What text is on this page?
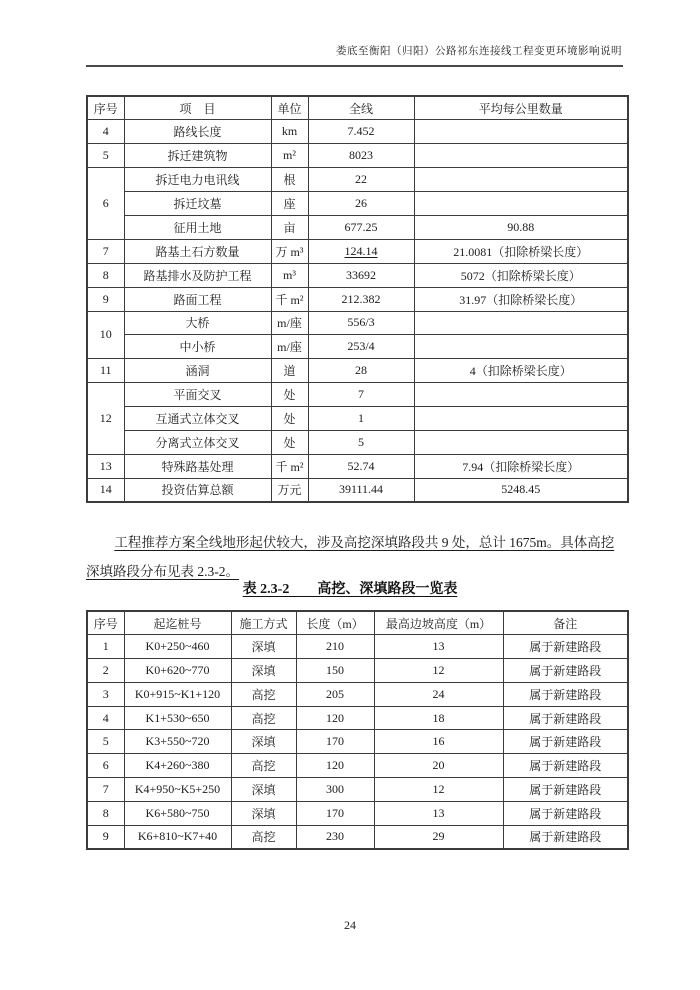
娄底至衡阳（归阳）公路祁东连接线工程变更环境影响说明
序号	项　目	单位	全线	平均每公里数量
4	路线长度	km	7.452	
5	拆迁建筑物	m²	8023	
6	拆迁电力电讯线	根	22	
	拆迁坟墓	座	26	
	征用土地	亩	677.25	90.88
7	路基土石方数量	万 m³	124.14	21.0081（扣除桥梁长度）
8	路基排水及防护工程	m³	33692	5072（扣除桥梁长度）
9	路面工程	千 m²	212.382	31.97（扣除桥梁长度）
10	大桥	m/座	556/3	
	中小桥	m/座	253/4	
11	涵洞	道	28	4（扣除桥梁长度）
12	平面交叉	处	7	
	互通式立体交叉	处	1	
	分离式立体交叉	处	5	
13	特殊路基处理	千 m²	52.74	7.94（扣除桥梁长度）
14	投资估算总额	万元	39111.44	5248.45

工程推荐方案全线地形起伏较大，涉及高挖深填路段共 9 处，总计 1675m。具体高挖深填路段分布见表 2.3-2。

表 2.3-2　　高挖、深填路段一览表
序号	起迄桩号	施工方式	长度（m）	最高边坡高度（m）	备注
1	K0+250~460	深填	210	13	属于新建路段
2	K0+620~770	深填	150	12	属于新建路段
3	K0+915~K1+120	高挖	205	24	属于新建路段
4	K1+530~650	高挖	120	18	属于新建路段
5	K3+550~720	深填	170	16	属于新建路段
6	K4+260~380	高挖	120	20	属于新建路段
7	K4+950~K5+250	深填	300	12	属于新建路段
8	K6+580~750	深填	170	13	属于新建路段
9	K6+810~K7+40	高挖	230	29	属于新建路段
24
